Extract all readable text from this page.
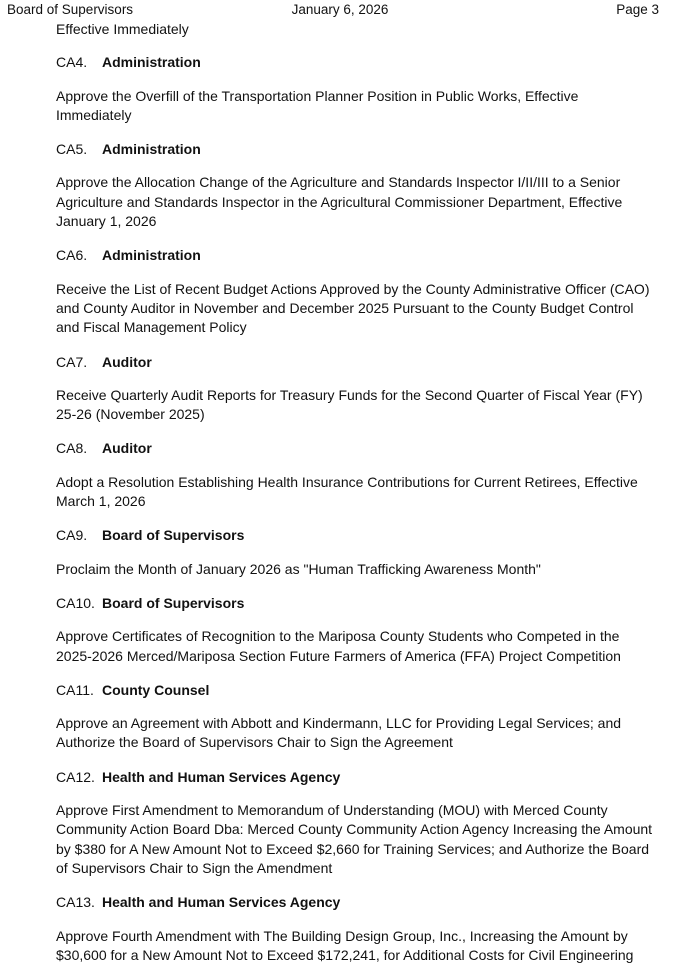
Board of Supervisors	January 6, 2026	Page 3

Effective Immediately

CA4.	Administration

Approve the Overfill of the Transportation Planner Position in Public Works, Effective Immediately

CA5.	Administration

Approve the Allocation Change of the Agriculture and Standards Inspector I/II/III to a Senior Agriculture and Standards Inspector in the Agricultural Commissioner Department, Effective January 1, 2026

CA6.	Administration

Receive the List of Recent Budget Actions Approved by the County Administrative Officer (CAO) and County Auditor in November and December 2025 Pursuant to the County Budget Control and Fiscal Management Policy

CA7.	Auditor

Receive Quarterly Audit Reports for Treasury Funds for the Second Quarter of Fiscal Year (FY) 25-26 (November 2025)

CA8.	Auditor

Adopt a Resolution Establishing Health Insurance Contributions for Current Retirees, Effective March 1, 2026

CA9.	Board of Supervisors

Proclaim the Month of January 2026 as "Human Trafficking Awareness Month"

CA10. Board of Supervisors

Approve Certificates of Recognition to the Mariposa County Students who Competed in the 2025-2026 Merced/Mariposa Section Future Farmers of America (FFA) Project Competition

CA11. County Counsel

Approve an Agreement with Abbott and Kindermann, LLC for Providing Legal Services; and Authorize the Board of Supervisors Chair to Sign the Agreement

CA12. Health and Human Services Agency

Approve First Amendment to Memorandum of Understanding (MOU) with Merced County Community Action Board Dba: Merced County Community Action Agency Increasing the Amount by $380 for A New Amount Not to Exceed $2,660 for Training Services; and Authorize the Board of Supervisors Chair to Sign the Amendment

CA13. Health and Human Services Agency

Approve Fourth Amendment with The Building Design Group, Inc., Increasing the Amount by $30,600 for a New Amount Not to Exceed $172,241, for Additional Costs for Civil Engineering
